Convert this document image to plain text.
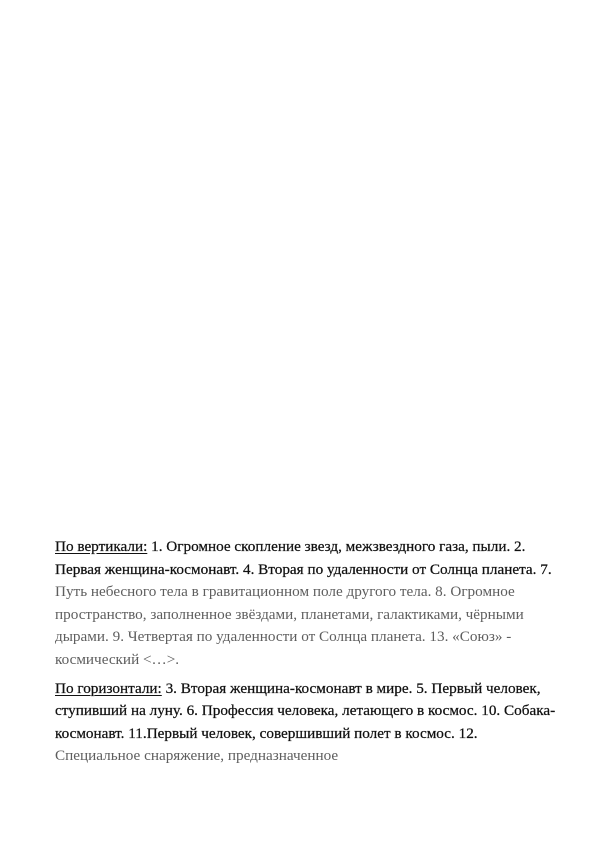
По вертикали: 1. Огромное скопление звезд, межзвездного газа, пыли. 2. Первая женщина-космонавт. 4. Вторая по удаленности от Солнца планета. 7. Путь небесного тела в гравитационном поле другого тела. 8. Огромное пространство, заполненное звёздами, планетами, галактиками, чёрными дырами. 9. Четвертая по удаленности от Солнца планета. 13. «Союз» - космический <…>.

По горизонтали: 3. Вторая женщина-космонавт в мире. 5. Первый человек, ступивший на луну. 6. Профессия человека, летающего в космос. 10. Собака-космонавт. 11.Первый человек, совершивший полет в космос. 12. Специальное снаряжение, предназначенное
